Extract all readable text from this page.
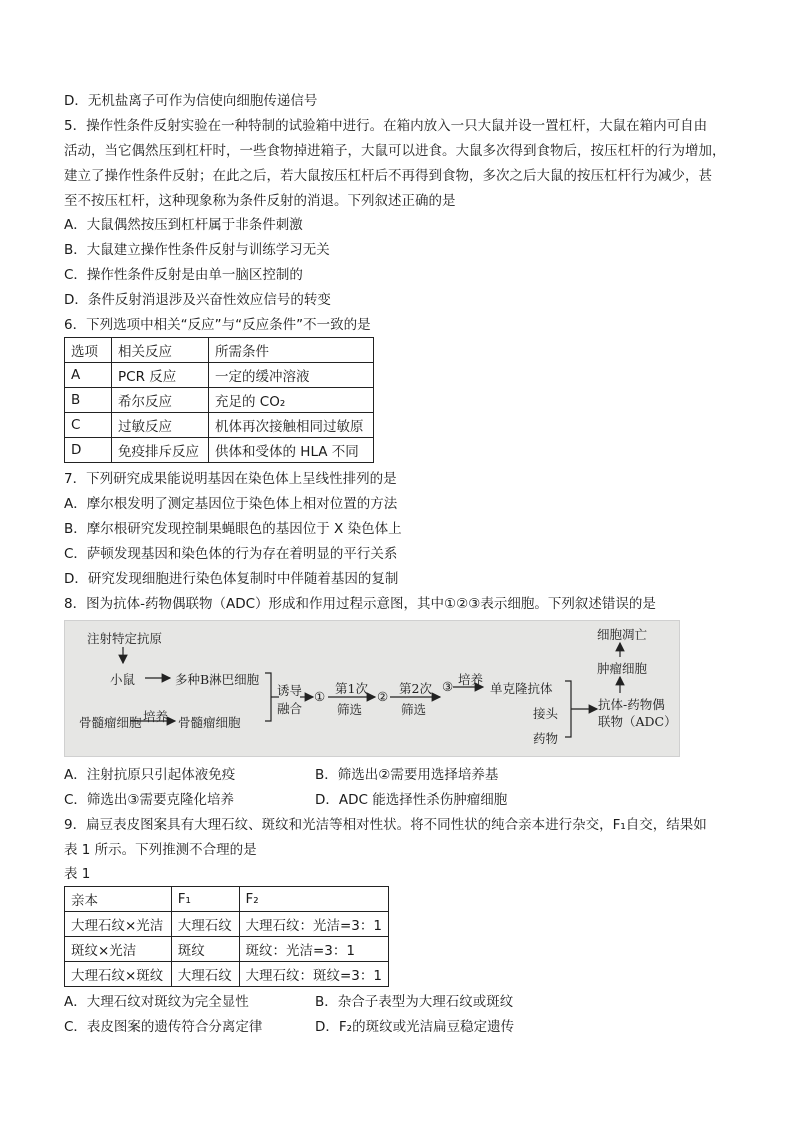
D．无机盐离子可作为信使向细胞传递信号
5．操作性条件反射实验在一种特制的试验箱中进行。在箱内放入一只大鼠并设一置杠杆，大鼠在箱内可自由
活动，当它偶然压到杠杆时，一些食物掉进箱子，大鼠可以进食。大鼠多次得到食物后，按压杠杆的行为增加，
建立了操作性条件反射；在此之后，若大鼠按压杠杆后不再得到食物，多次之后大鼠的按压杠杆行为减少，甚
至不按压杠杆，这种现象称为条件反射的消退。下列叙述正确的是
A．大鼠偶然按压到杠杆属于非条件刺激
B．大鼠建立操作性条件反射与训练学习无关
C．操作性条件反射是由单一脑区控制的
D．条件反射消退涉及兴奋性效应信号的转变
6．下列选项中相关“反应”与“反应条件”不一致的是
选项	相关反应	所需条件
A	PCR 反应	一定的缓冲溶液
B	希尔反应	充足的 CO₂
C	过敏反应	机体再次接触相同过敏原
D	免疫排斥反应	供体和受体的 HLA 不同
7．下列研究成果能说明基因在染色体上呈线性排列的是
A．摩尔根发明了测定基因位于染色体上相对位置的方法
B．摩尔根研究发现控制果蝇眼色的基因位于 X 染色体上
C．萨顿发现基因和染色体的行为存在着明显的平行关系
D．研究发现细胞进行染色体复制时中伴随着基因的复制
8．图为抗体-药物偶联物（ADC）形成和作用过程示意图，其中①②③表示细胞。下列叙述错误的是
注射特定抗原
小鼠	多种B淋巴细胞
诱导
融合
①
第1次
筛选
②
第2次
筛选
③ 培养
单克隆抗体
骨髓瘤细胞 培养 骨髓瘤细胞
接头
药物
抗体-药物偶
联物（ADC）
肿瘤细胞
细胞凋亡
A．注射抗原只引起体液免疫	B．筛选出②需要用选择培养基
C．筛选出③需要克隆化培养	D．ADC 能选择性杀伤肿瘤细胞
9．扁豆表皮图案具有大理石纹、斑纹和光洁等相对性状。将不同性状的纯合亲本进行杂交，F₁自交，结果如
表 1 所示。下列推测不合理的是
表 1
亲本	F₁	F₂
大理石纹×光洁	大理石纹	大理石纹：光洁=3：1
斑纹×光洁	斑纹	斑纹：光洁=3：1
大理石纹×斑纹	大理石纹	大理石纹：斑纹=3：1
A．大理石纹对斑纹为完全显性	B．杂合子表型为大理石纹或斑纹
C．表皮图案的遗传符合分离定律	D．F₂的斑纹或光洁扁豆稳定遗传
